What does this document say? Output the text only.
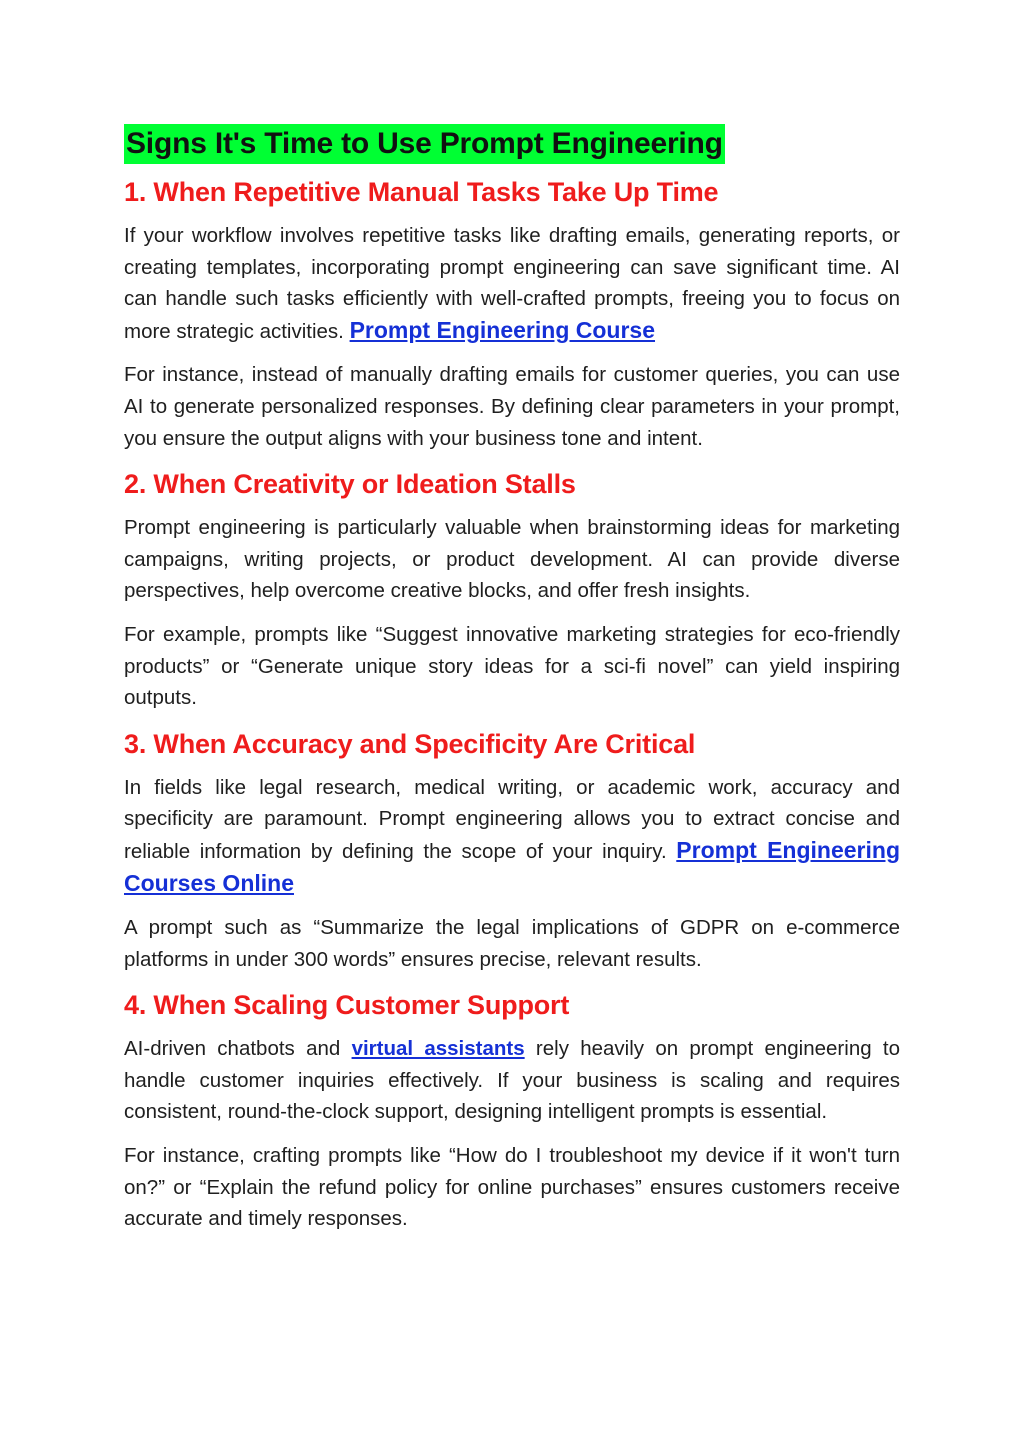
Signs It's Time to Use Prompt Engineering
1. When Repetitive Manual Tasks Take Up Time

If your workflow involves repetitive tasks like drafting emails, generating reports, or creating templates, incorporating prompt engineering can save significant time. AI can handle such tasks efficiently with well-crafted prompts, freeing you to focus on more strategic activities. Prompt Engineering Course

For instance, instead of manually drafting emails for customer queries, you can use AI to generate personalized responses. By defining clear parameters in your prompt, you ensure the output aligns with your business tone and intent.

2. When Creativity or Ideation Stalls

Prompt engineering is particularly valuable when brainstorming ideas for marketing campaigns, writing projects, or product development. AI can provide diverse perspectives, help overcome creative blocks, and offer fresh insights.

For example, prompts like “Suggest innovative marketing strategies for eco-friendly products” or “Generate unique story ideas for a sci-fi novel” can yield inspiring outputs.

3. When Accuracy and Specificity Are Critical

In fields like legal research, medical writing, or academic work, accuracy and specificity are paramount. Prompt engineering allows you to extract concise and reliable information by defining the scope of your inquiry. Prompt Engineering Courses Online

A prompt such as “Summarize the legal implications of GDPR on e-commerce platforms in under 300 words” ensures precise, relevant results.

4. When Scaling Customer Support

AI-driven chatbots and virtual assistants rely heavily on prompt engineering to handle customer inquiries effectively. If your business is scaling and requires consistent, round-the-clock support, designing intelligent prompts is essential.

For instance, crafting prompts like “How do I troubleshoot my device if it won't turn on?” or “Explain the refund policy for online purchases” ensures customers receive accurate and timely responses.
